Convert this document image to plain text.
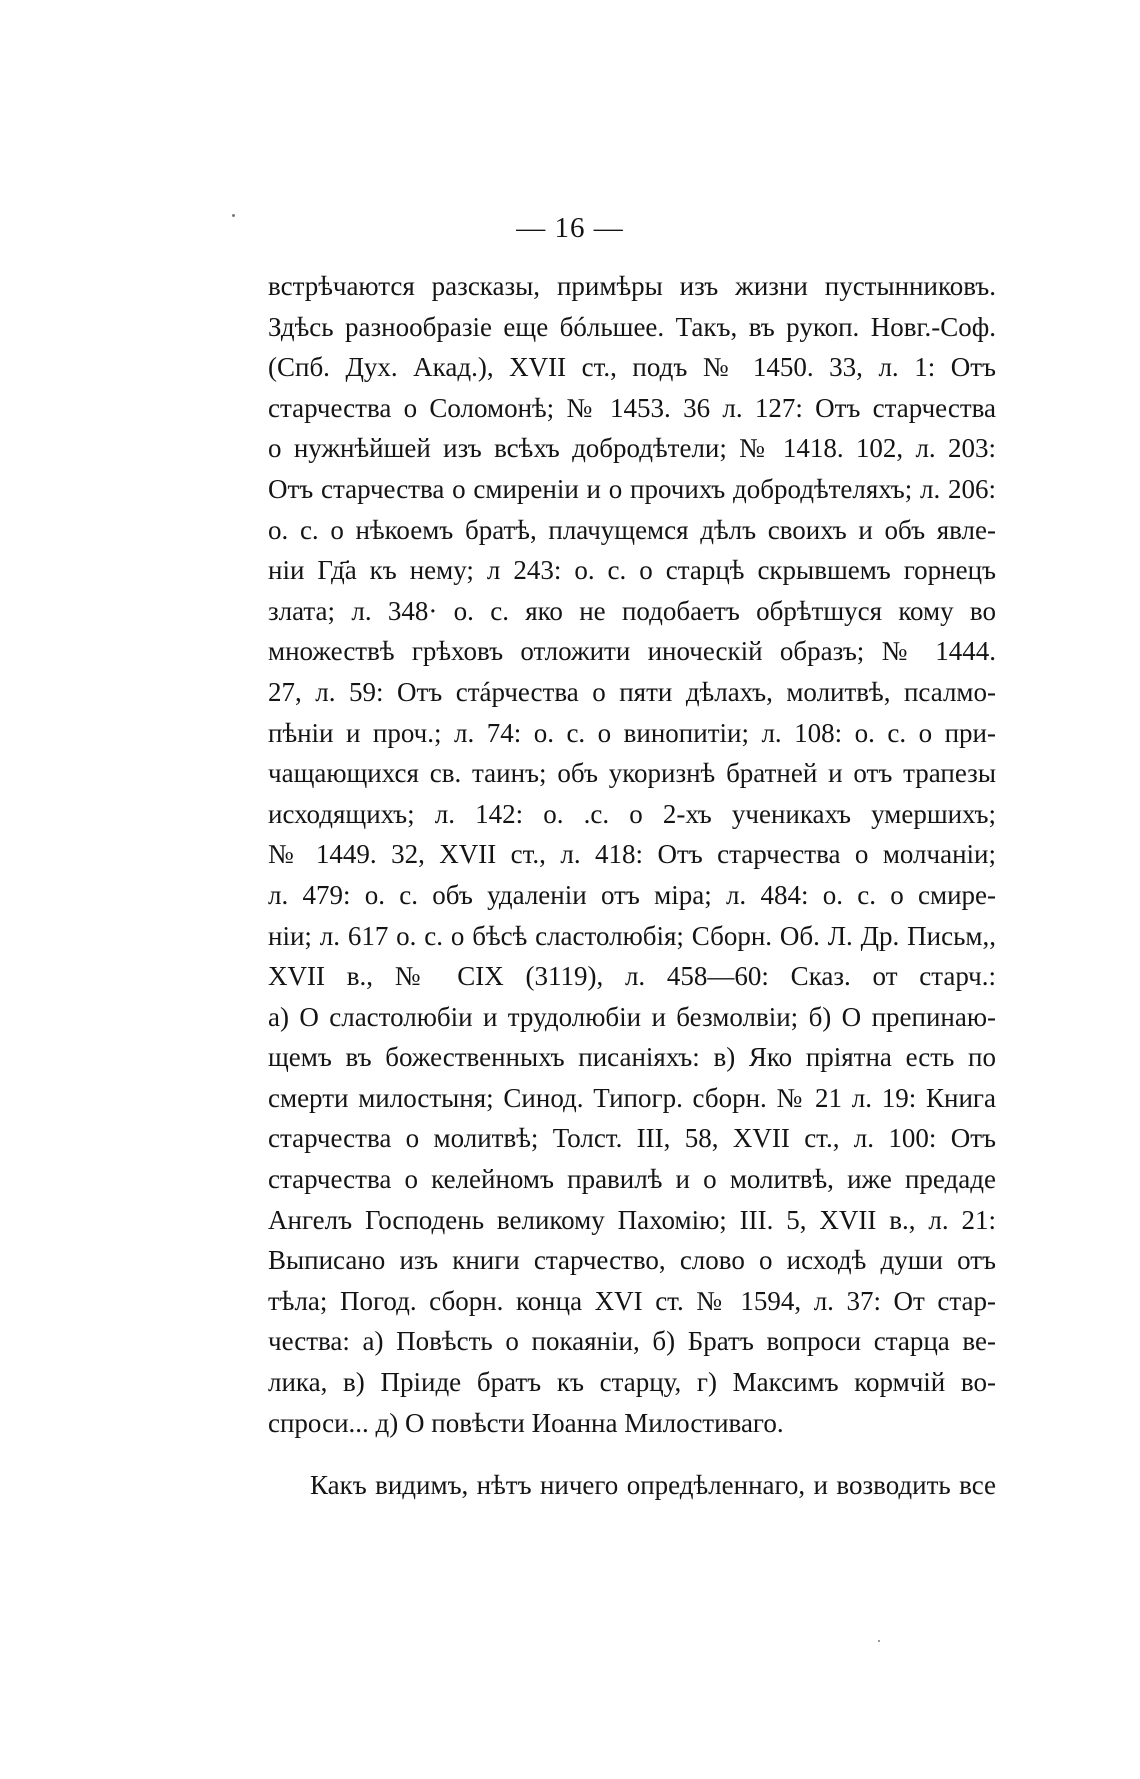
— 16 —
встрѣчаются разсказы, примѣры изъ жизни пустынниковъ.
Здѣсь разнообразіе еще бóльшее. Такъ, въ рукоп. Новг.-Соф.
(Спб. Дух. Акад.), XVII ст., подъ № 1450. 33, л. 1: Отъ
старчества о Соломонѣ; № 1453. 36 л. 127: Отъ старчества
о нужнѣйшей изъ всѣхъ добродѣтели; № 1418. 102, л. 203:
Отъ старчества о смиреніи и о прочихъ добродѣтеляхъ; л. 206:
о. с. о нѣкоемъ братѣ, плачущемся дѣлъ своихъ и объ явле-
ніи Гд҃а къ нему; л 243: о. с. о старцѣ скрывшемъ горнецъ
злата; л. 348· о. с. яко не подобаетъ обрѣтшуся кому во
множествѣ грѣховъ отложити иноческій образъ; № 1444.
27, л. 59: Отъ стáрчества о пяти дѣлахъ, молитвѣ, псалмо-
пѣніи и проч.; л. 74: о. с. о винопитіи; л. 108: о. с. о при-
чащающихся св. таинъ; объ укоризнѣ братней и отъ трапезы
исходящихъ; л. 142: о. .с. о 2-хъ ученикахъ умершихъ;
№ 1449. 32, XVII ст., л. 418: Отъ старчества о молчаніи;
л. 479: о. с. объ удаленіи отъ міра; л. 484: о. с. о смире-
ніи; л. 617 о. с. о бѣсѣ сластолюбія; Сборн. Об. Л. Др. Письм,,
XVII в., № CIX (3119), л. 458—60: Сказ. от старч.:
а) О сластолюбіи и трудолюбіи и безмолвіи; б) О препинаю-
щемъ въ божественныхъ писаніяхъ: в) Яко пріятна есть по
смерти милостыня; Синод. Типогр. сборн. № 21 л. 19: Книга
старчества о молитвѣ; Толст. III, 58, XVII ст., л. 100: Отъ
старчества о келейномъ правилѣ и о молитвѣ, иже предаде
Ангелъ Господень великому Пахомію; III. 5, XVII в., л. 21:
Выписано изъ книги старчество, слово о исходѣ души отъ
тѣла; Погод. сборн. конца XVI ст. № 1594, л. 37: От стар-
чества: а) Повѣсть о покаяніи, б) Братъ вопроси старца ве-
лика, в) Пріиде братъ къ старцу, г) Максимъ кормчій во-
спроси... д) О повѣсти Иоанна Милостиваго.
Какъ видимъ, нѣтъ ничего опредѣленнаго, и возводить все
